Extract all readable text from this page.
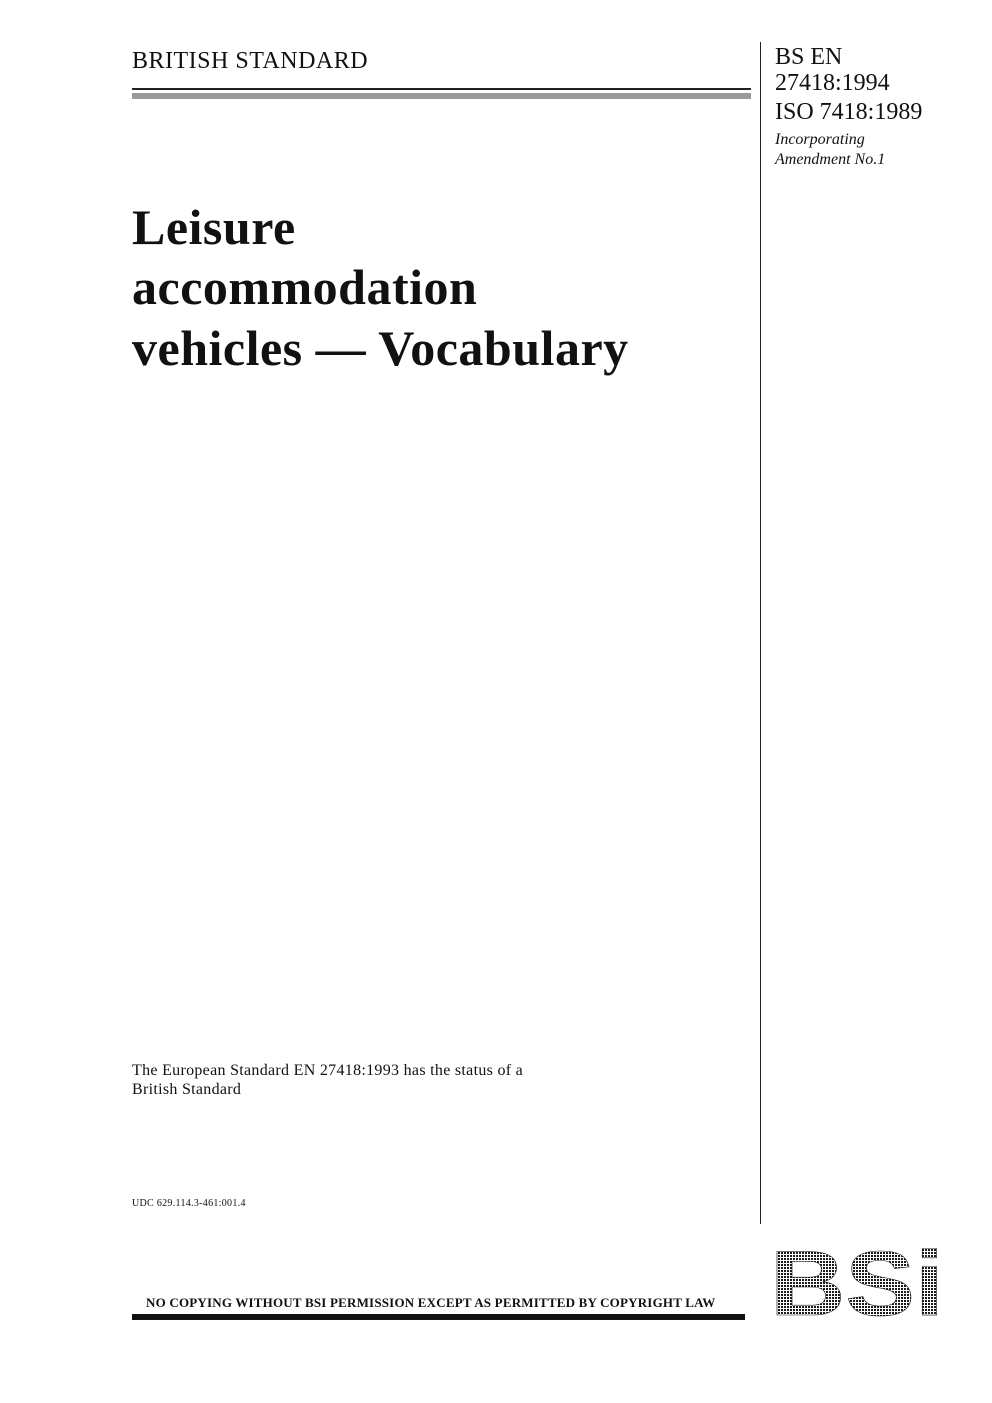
BRITISH STANDARD	BS EN
27418:1994
ISO 7418:1989
Incorporating
Amendment No.1
Leisure
accommodation
vehicles — Vocabulary
The European Standard EN 27418:1993 has the status of a
British Standard
UDC 629.114.3-461:001.4
NO COPYING WITHOUT BSI PERMISSION EXCEPT AS PERMITTED BY COPYRIGHT LAW BSi
